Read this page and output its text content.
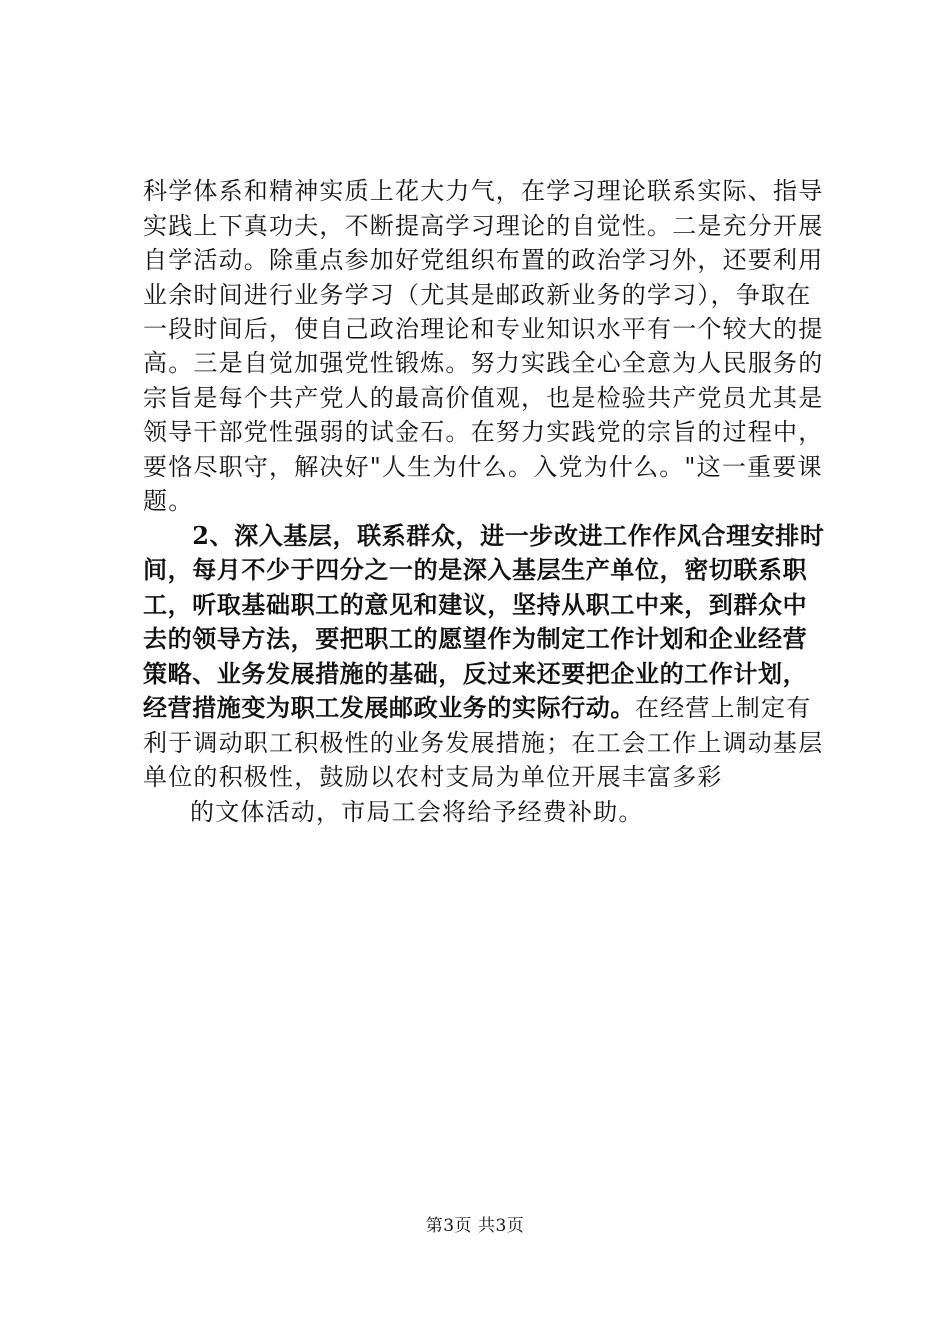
科学体系和精神实质上花大力气，在学习理论联系实际、指导
实践上下真功夫，不断提高学习理论的自觉性。二是充分开展
自学活动。除重点参加好党组织布置的政治学习外，还要利用
业余时间进行业务学习（尤其是邮政新业务的学习），争取在
一段时间后，使自己政治理论和专业知识水平有一个较大的提
高。三是自觉加强党性锻炼。努力实践全心全意为人民服务的
宗旨是每个共产党人的最高价值观，也是检验共产党员尤其是
领导干部党性强弱的试金石。在努力实践党的宗旨的过程中，
要恪尽职守，解决好"人生为什么。入党为什么。"这一重要课
题。
　　2、深入基层，联系群众，进一步改进工作作风合理安排时
间，每月不少于四分之一的是深入基层生产单位，密切联系职
工，听取基础职工的意见和建议，坚持从职工中来，到群众中
去的领导方法，要把职工的愿望作为制定工作计划和企业经营
策略、业务发展措施的基础，反过来还要把企业的工作计划，
经营措施变为职工发展邮政业务的实际行动。在经营上制定有
利于调动职工积极性的业务发展措施；在工会工作上调动基层
单位的积极性，鼓励以农村支局为单位开展丰富多彩
的文体活动，市局工会将给予经费补助。
第3页 共3页
